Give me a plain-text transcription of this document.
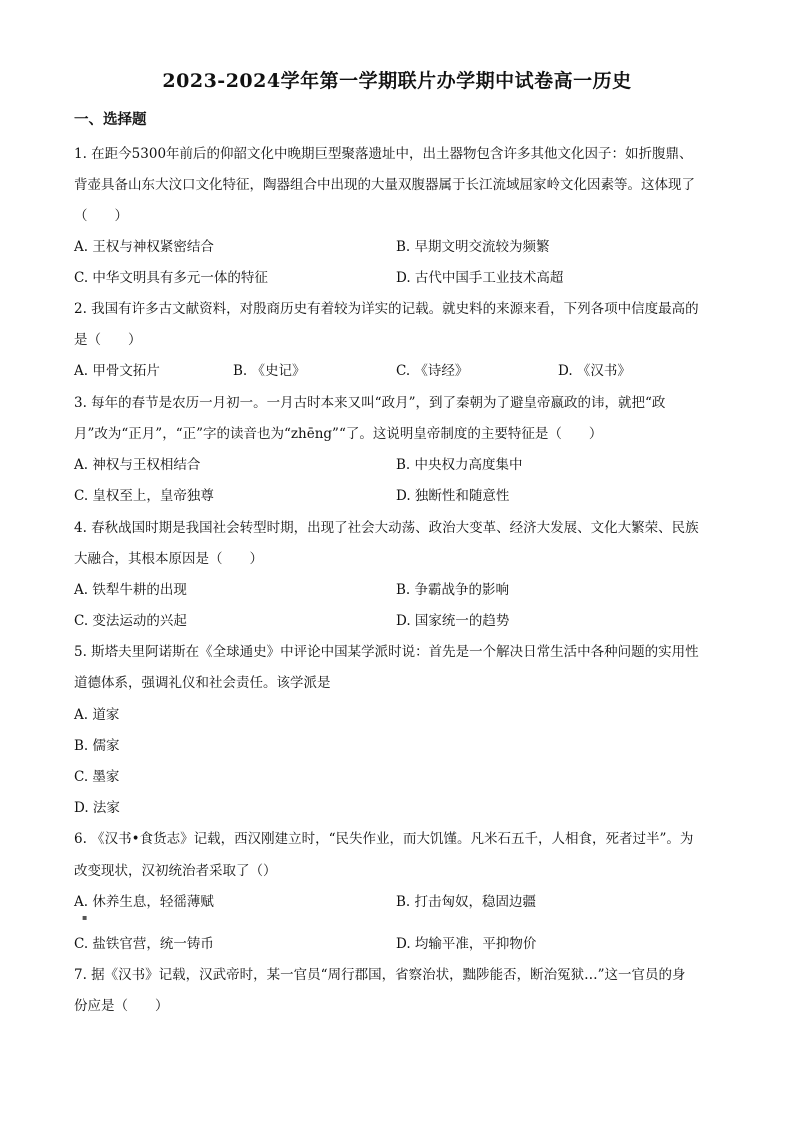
2023-2024学年第一学期联片办学期中试卷高一历史
一、选择题
1. 在距今5300年前后的仰韶文化中晚期巨型聚落遗址中，出土器物包含许多其他文化因子：如折腹鼎、
背壶具备山东大汶口文化特征，陶器组合中出现的大量双腹器属于长江流域屈家岭文化因素等。这体现了
（　　）
A. 王权与神权紧密结合	B. 早期文明交流较为频繁
C. 中华文明具有多元一体的特征	D. 古代中国手工业技术高超
2. 我国有许多古文献资料，对殷商历史有着较为详实的记载。就史料的来源来看，下列各项中信度最高的
是（　　）
A. 甲骨文拓片	B. 《史记》	C. 《诗经》	D. 《汉书》
3. 每年的春节是农历一月初一。一月古时本来又叫“政月”，到了秦朝为了避皇帝嬴政的讳，就把“政
月”改为“正月”，“正”字的读音也为“zhēng”“了。这说明皇帝制度的主要特征是（　　）
A. 神权与王权相结合	B. 中央权力高度集中
C. 皇权至上，皇帝独尊	D. 独断性和随意性
4. 春秋战国时期是我国社会转型时期，出现了社会大动荡、政治大变革、经济大发展、文化大繁荣、民族
大融合，其根本原因是（　　）
A. 铁犁牛耕的出现	B. 争霸战争的影响
C. 变法运动的兴起	D. 国家统一的趋势
5. 斯塔夫里阿诺斯在《全球通史》中评论中国某学派时说：首先是一个解决日常生活中各种问题的实用性
道德体系，强调礼仪和社会责任。该学派是
A. 道家
B. 儒家
C. 墨家
D. 法家
6. 《汉书•食货志》记载，西汉刚建立时，“民失作业，而大饥馑。凡米石五千，人相食，死者过半”。为
改变现状，汉初统治者采取了（）
A. 休养生息，轻徭薄赋	B. 打击匈奴，稳固边疆
▪
C. 盐铁官营，统一铸币	D. 均输平准，平抑物价
7. 据《汉书》记载，汉武帝时，某一官员“周行郡国，省察治状，黜陟能否，断治冤狱…”这一官员的身
份应是（　　）
